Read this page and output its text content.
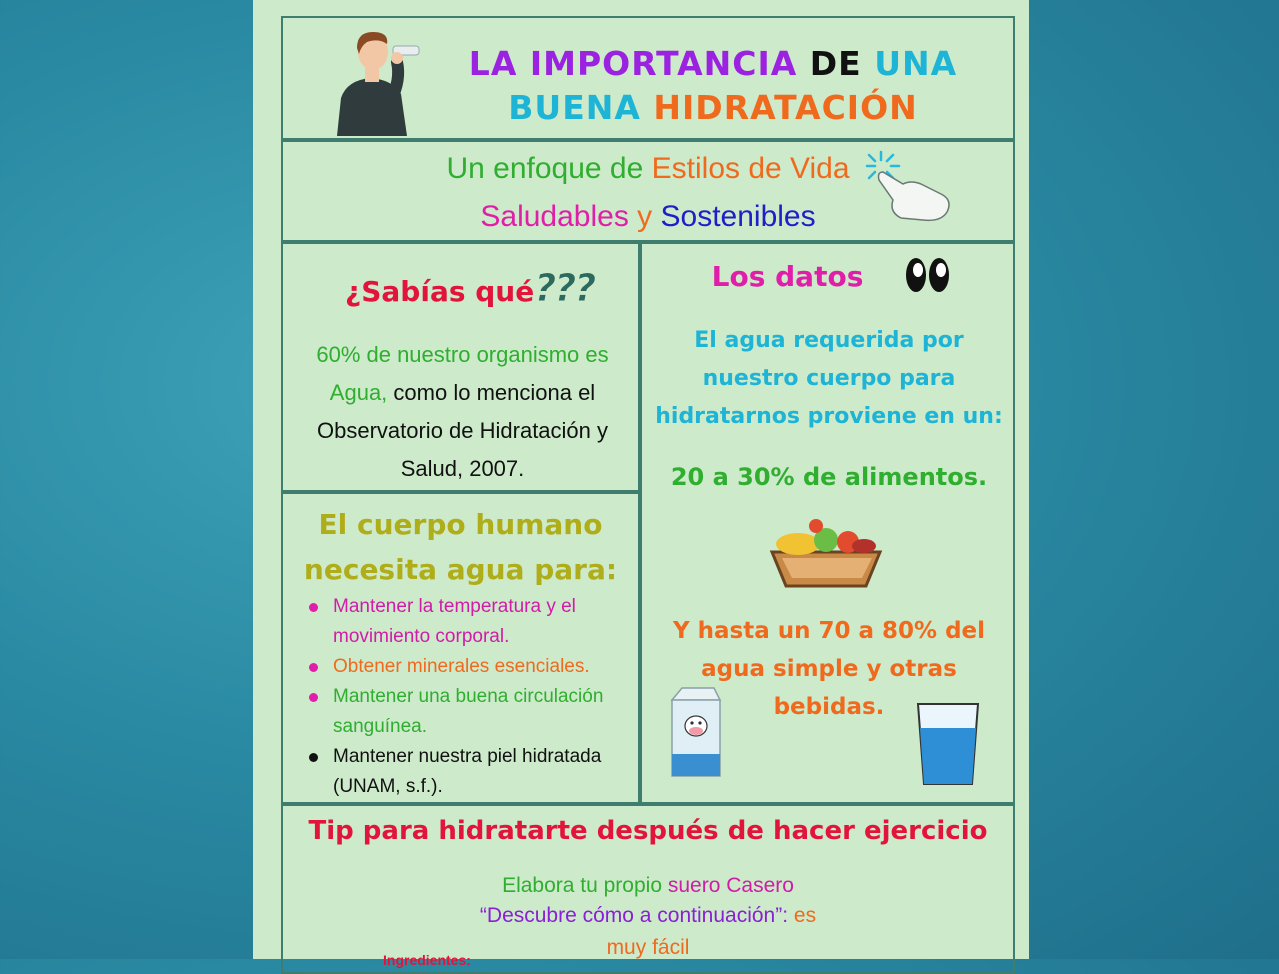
LA IMPORTANCIA DE UNA
BUENA HIDRATACIÓN
Un enfoque de Estilos de Vida
Saludables y Sostenibles
¿Sabías qué???
60% de nuestro organismo es Agua, como lo menciona el Observatorio de Hidratación y Salud, 2007.
El cuerpo humano necesita agua para:
Mantener la temperatura y el movimiento corporal.
Obtener minerales esenciales.
Mantener una buena circulación sanguínea.
Mantener nuestra piel hidratada (UNAM, s.f.).
Los datos
El agua requerida por nuestro cuerpo para hidratarnos proviene en un:
20 a 30% de alimentos.
Y hasta un 70 a 80% del agua simple y otras bebidas.
Tip para hidratarte después de hacer ejercicio
Elabora tu propio suero Casero
“Descubre cómo a continuación”: es
muy fácil
Ingredientes:
